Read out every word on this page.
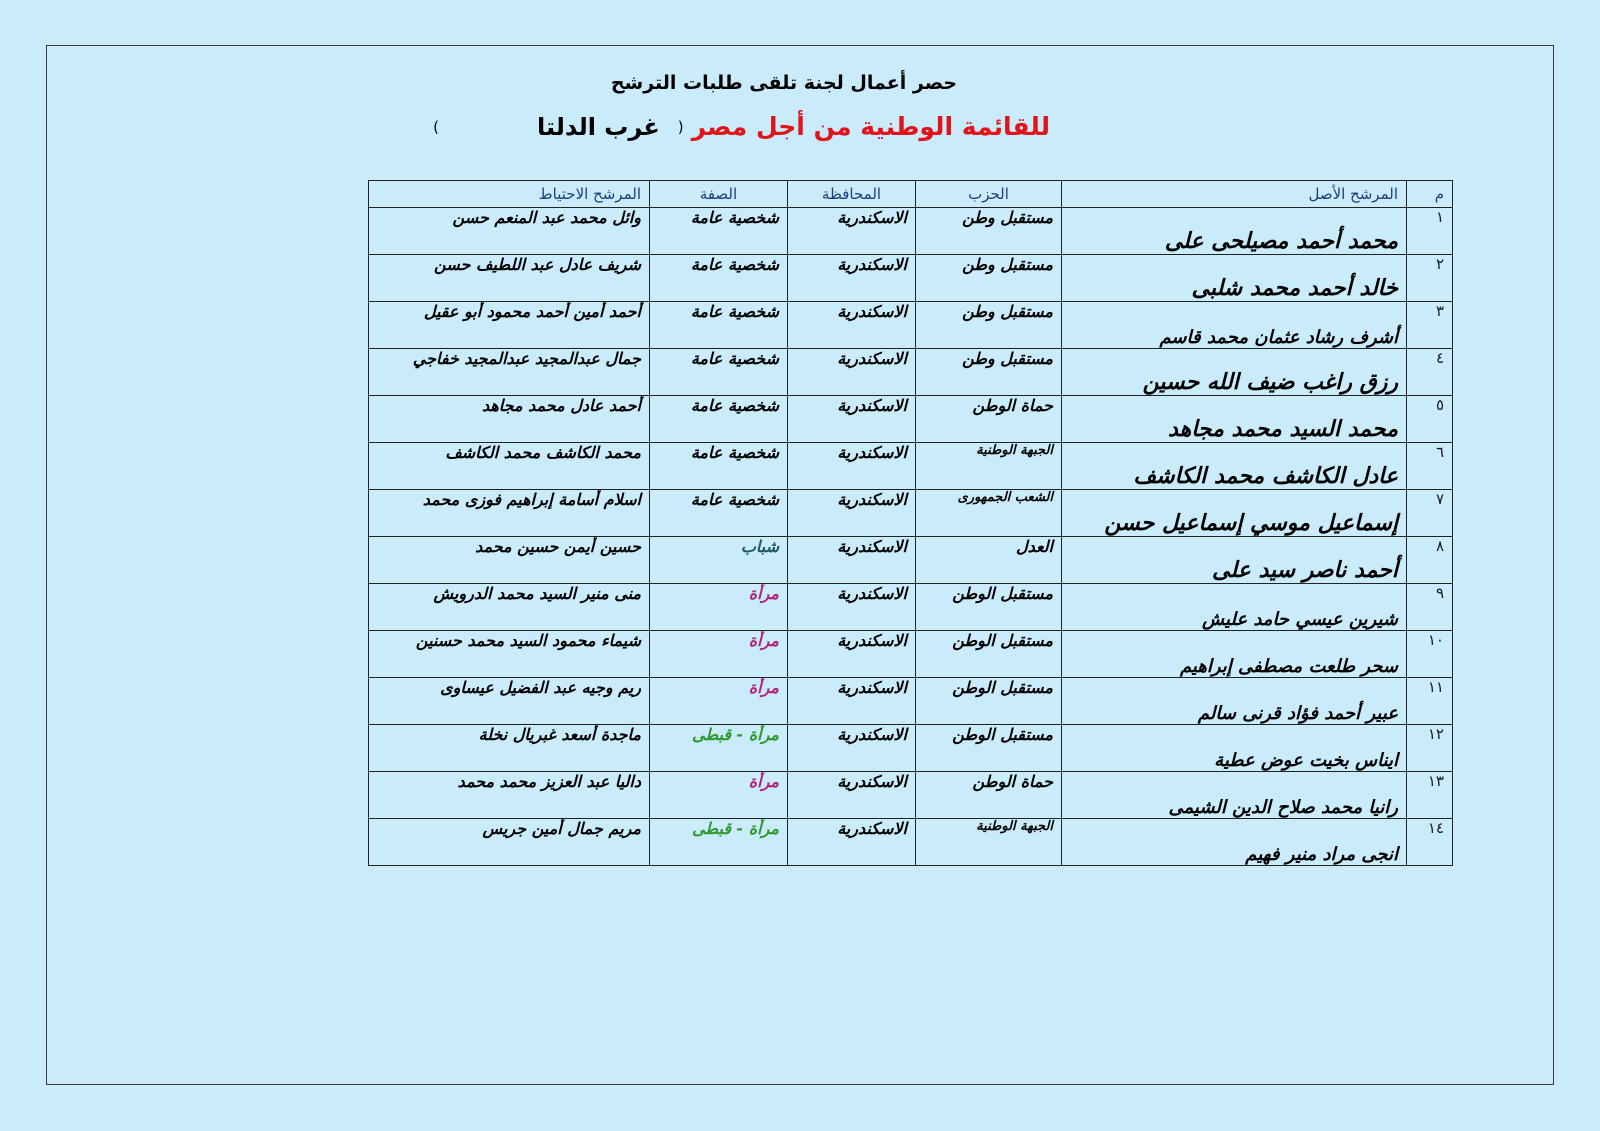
حصر أعمال لجنة تلقى طلبات الترشح
للقائمة الوطنية من أجل مصر
(
غرب الدلتا
)
م	المرشح الأصل	الحزب	المحافظة	الصفة	المرشح الاحتياط
١	محمد أحمد مصيلحى على	مستقبل وطن	الاسكندرية	شخصية عامة	وائل محمد عبد المنعم حسن
٢	خالد أحمد محمد شلبى	مستقبل وطن	الاسكندرية	شخصية عامة	شريف عادل عبد اللطيف حسن
٣	أشرف رشاد عثمان محمد قاسم	مستقبل وطن	الاسكندرية	شخصية عامة	أحمد أمين أحمد محمود أبو عقيل
٤	رزق راغب ضيف الله حسين	مستقبل وطن	الاسكندرية	شخصية عامة	جمال عبدالمجيد عبدالمجيد خفاجي
٥	محمد السيد محمد مجاهد	حماة الوطن	الاسكندرية	شخصية عامة	أحمد عادل محمد مجاهد
٦	عادل الكاشف محمد الكاشف	الجبهة الوطنية	الاسكندرية	شخصية عامة	محمد الكاشف محمد الكاشف
٧	إسماعيل موسي إسماعيل حسن	الشعب الجمهورى	الاسكندرية	شخصية عامة	اسلام أسامة إبراهيم فوزى محمد
٨	أحمد ناصر سيد على	العدل	الاسكندرية	شباب	حسين أيمن حسين محمد
٩	شيرين عيسي حامد عليش	مستقبل الوطن	الاسكندرية	مرأة	منى منير السيد محمد الدرويش
١٠	سحر طلعت مصطفى إبراهيم	مستقبل الوطن	الاسكندرية	مرأة	شيماء محمود السيد محمد حسنين
١١	عبير أحمد فؤاد قرنى سالم	مستقبل الوطن	الاسكندرية	مرأة	ريم وجيه عبد الفضيل عيساوى
١٢	ايناس بخيت عوض عطية	مستقبل الوطن	الاسكندرية	مرأة - قبطى	ماجدة أسعد غبريال نخلة
١٣	رانيا محمد صلاح الدين الشيمى	حماة الوطن	الاسكندرية	مرأة	داليا عبد العزيز محمد محمد
١٤	انجى مراد منير فهيم	الجبهة الوطنية	الاسكندرية	مرأة - قبطى	مريم جمال أمين جريس
